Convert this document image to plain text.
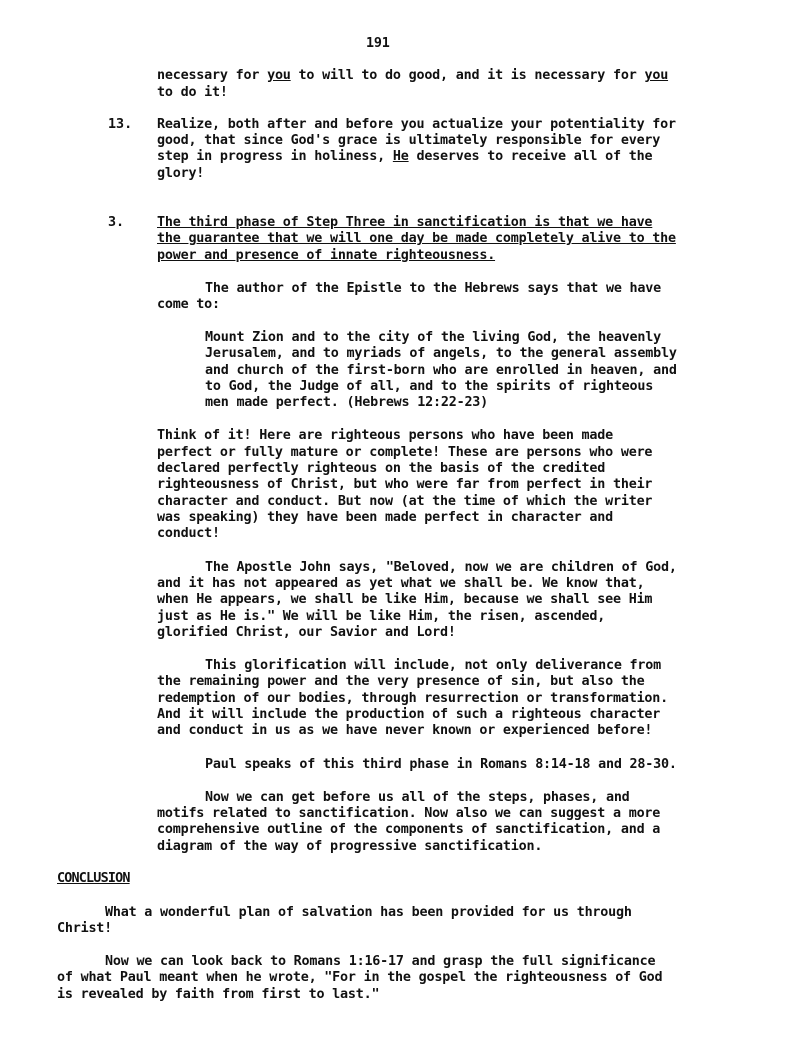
191
necessary for you to will to do good, and it is necessary for you
to do it!
13. Realize, both after and before you actualize your potentiality for
good, that since God's grace is ultimately responsible for every
step in progress in holiness, He deserves to receive all of the
glory!
3. The third phase of Step Three in sanctification is that we have
the guarantee that we will one day be made completely alive to the
power and presence of innate righteousness.
The author of the Epistle to the Hebrews says that we have
come to:
Mount Zion and to the city of the living God, the heavenly
Jerusalem, and to myriads of angels, to the general assembly
and church of the first-born who are enrolled in heaven, and
to God, the Judge of all, and to the spirits of righteous
men made perfect. (Hebrews 12:22-23)
Think of it! Here are righteous persons who have been made
perfect or fully mature or complete! These are persons who were
declared perfectly righteous on the basis of the credited
righteousness of Christ, but who were far from perfect in their
character and conduct. But now (at the time of which the writer
was speaking) they have been made perfect in character and
conduct!
The Apostle John says, "Beloved, now we are children of God,
and it has not appeared as yet what we shall be. We know that,
when He appears, we shall be like Him, because we shall see Him
just as He is." We will be like Him, the risen, ascended,
glorified Christ, our Savior and Lord!
This glorification will include, not only deliverance from
the remaining power and the very presence of sin, but also the
redemption of our bodies, through resurrection or transformation.
And it will include the production of such a righteous character
and conduct in us as we have never known or experienced before!
Paul speaks of this third phase in Romans 8:14-18 and 28-30.
Now we can get before us all of the steps, phases, and
motifs related to sanctification. Now also we can suggest a more
comprehensive outline of the components of sanctification, and a
diagram of the way of progressive sanctification.
CONCLUSION
What a wonderful plan of salvation has been provided for us through
Christ!
Now we can look back to Romans 1:16-17 and grasp the full significance
of what Paul meant when he wrote, "For in the gospel the righteousness of God
is revealed by faith from first to last."
